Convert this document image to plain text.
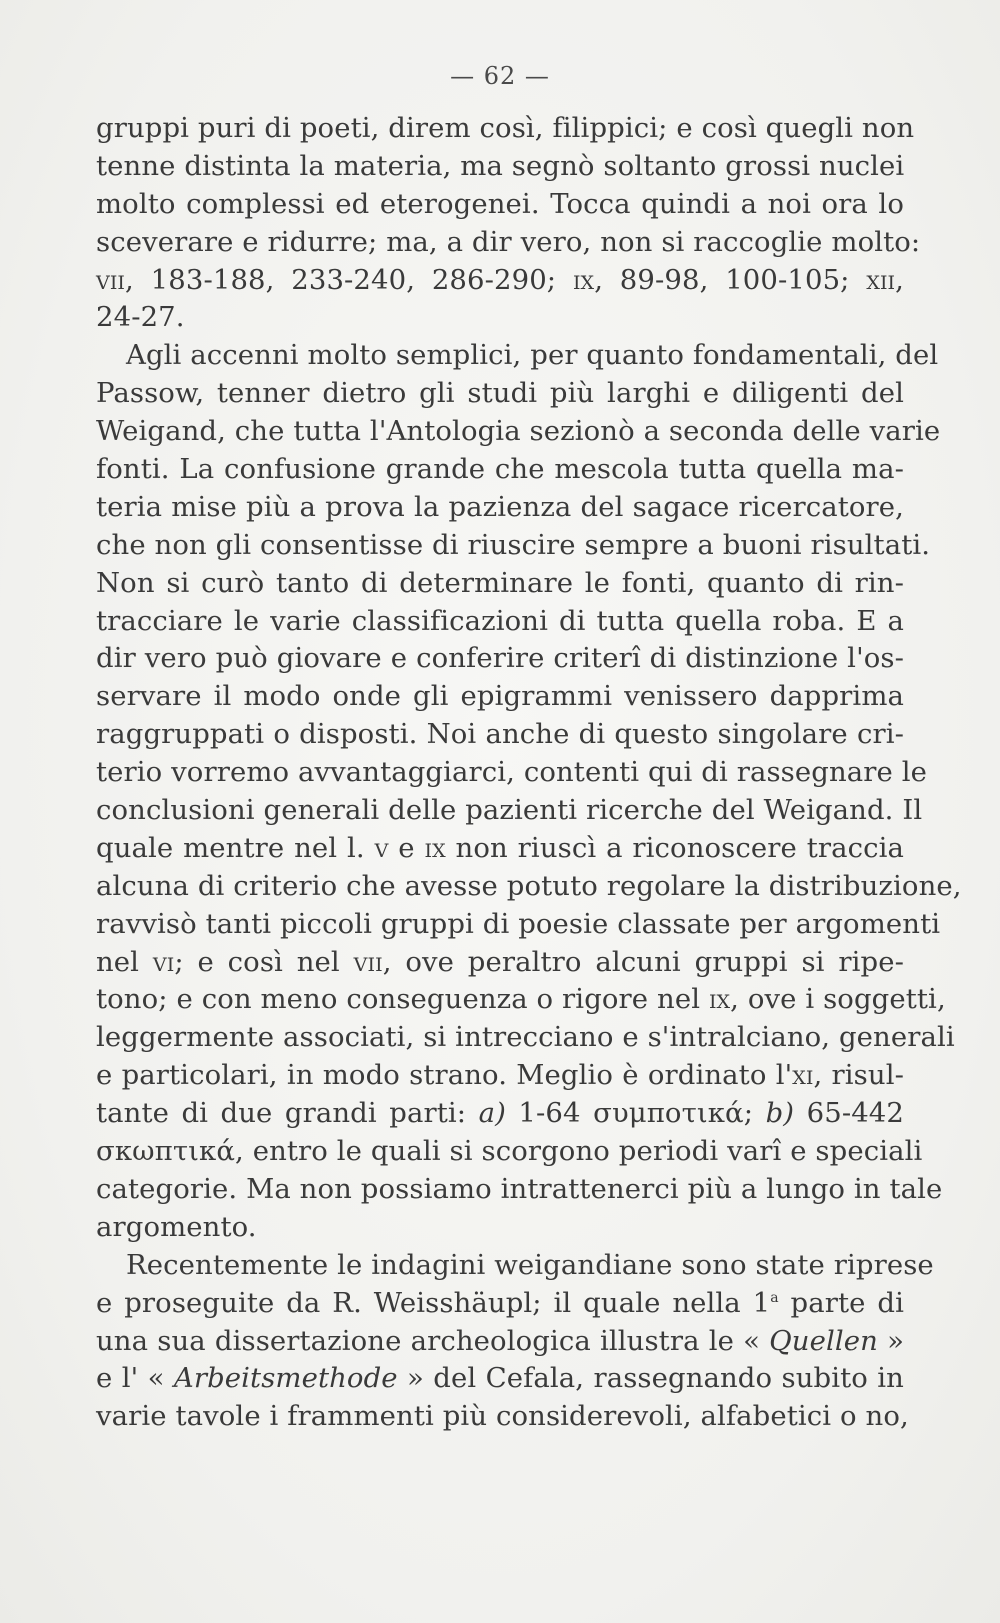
— 62 —
gruppi puri di poeti, direm così, filippici; e così quegli non
tenne distinta la materia, ma segnò soltanto grossi nuclei
molto complessi ed eterogenei. Tocca quindi a noi ora lo
sceverare e ridurre; ma, a dir vero, non si raccoglie molto:
vii, 183-188, 233-240, 286-290; ix, 89-98, 100-105; xii,
24-27.
Agli accenni molto semplici, per quanto fondamentali, del
Passow, tenner dietro gli studi più larghi e diligenti del
Weigand, che tutta l'Antologia sezionò a seconda delle varie
fonti. La confusione grande che mescola tutta quella ma-
teria mise più a prova la pazienza del sagace ricercatore,
che non gli consentisse di riuscire sempre a buoni risultati.
Non si curò tanto di determinare le fonti, quanto di rin-
tracciare le varie classificazioni di tutta quella roba. E a
dir vero può giovare e conferire criterî di distinzione l'os-
servare il modo onde gli epigrammi venissero dapprima
raggruppati o disposti. Noi anche di questo singolare cri-
terio vorremo avvantaggiarci, contenti qui di rassegnare le
conclusioni generali delle pazienti ricerche del Weigand. Il
quale mentre nel l. v e ix non riuscì a riconoscere traccia
alcuna di criterio che avesse potuto regolare la distribuzione,
ravvisò tanti piccoli gruppi di poesie classate per argomenti
nel vi; e così nel vii, ove peraltro alcuni gruppi si ripe-
tono; e con meno conseguenza o rigore nel ix, ove i soggetti,
leggermente associati, si intrecciano e s'intralciano, generali
e particolari, in modo strano. Meglio è ordinato l'xi, risul-
tante di due grandi parti: a) 1-64 συμποτικά; b) 65-442
σκωπτικά, entro le quali si scorgono periodi varî e speciali
categorie. Ma non possiamo intrattenerci più a lungo in tale
argomento.
Recentemente le indagini weigandiane sono state riprese
e proseguite da R. Weisshäupl; il quale nella 1$^a$ parte di
una sua dissertazione archeologica illustra le « Quellen »
e l' « Arbeitsmethode » del Cefala, rassegnando subito in
varie tavole i frammenti più considerevoli, alfabetici o no,
